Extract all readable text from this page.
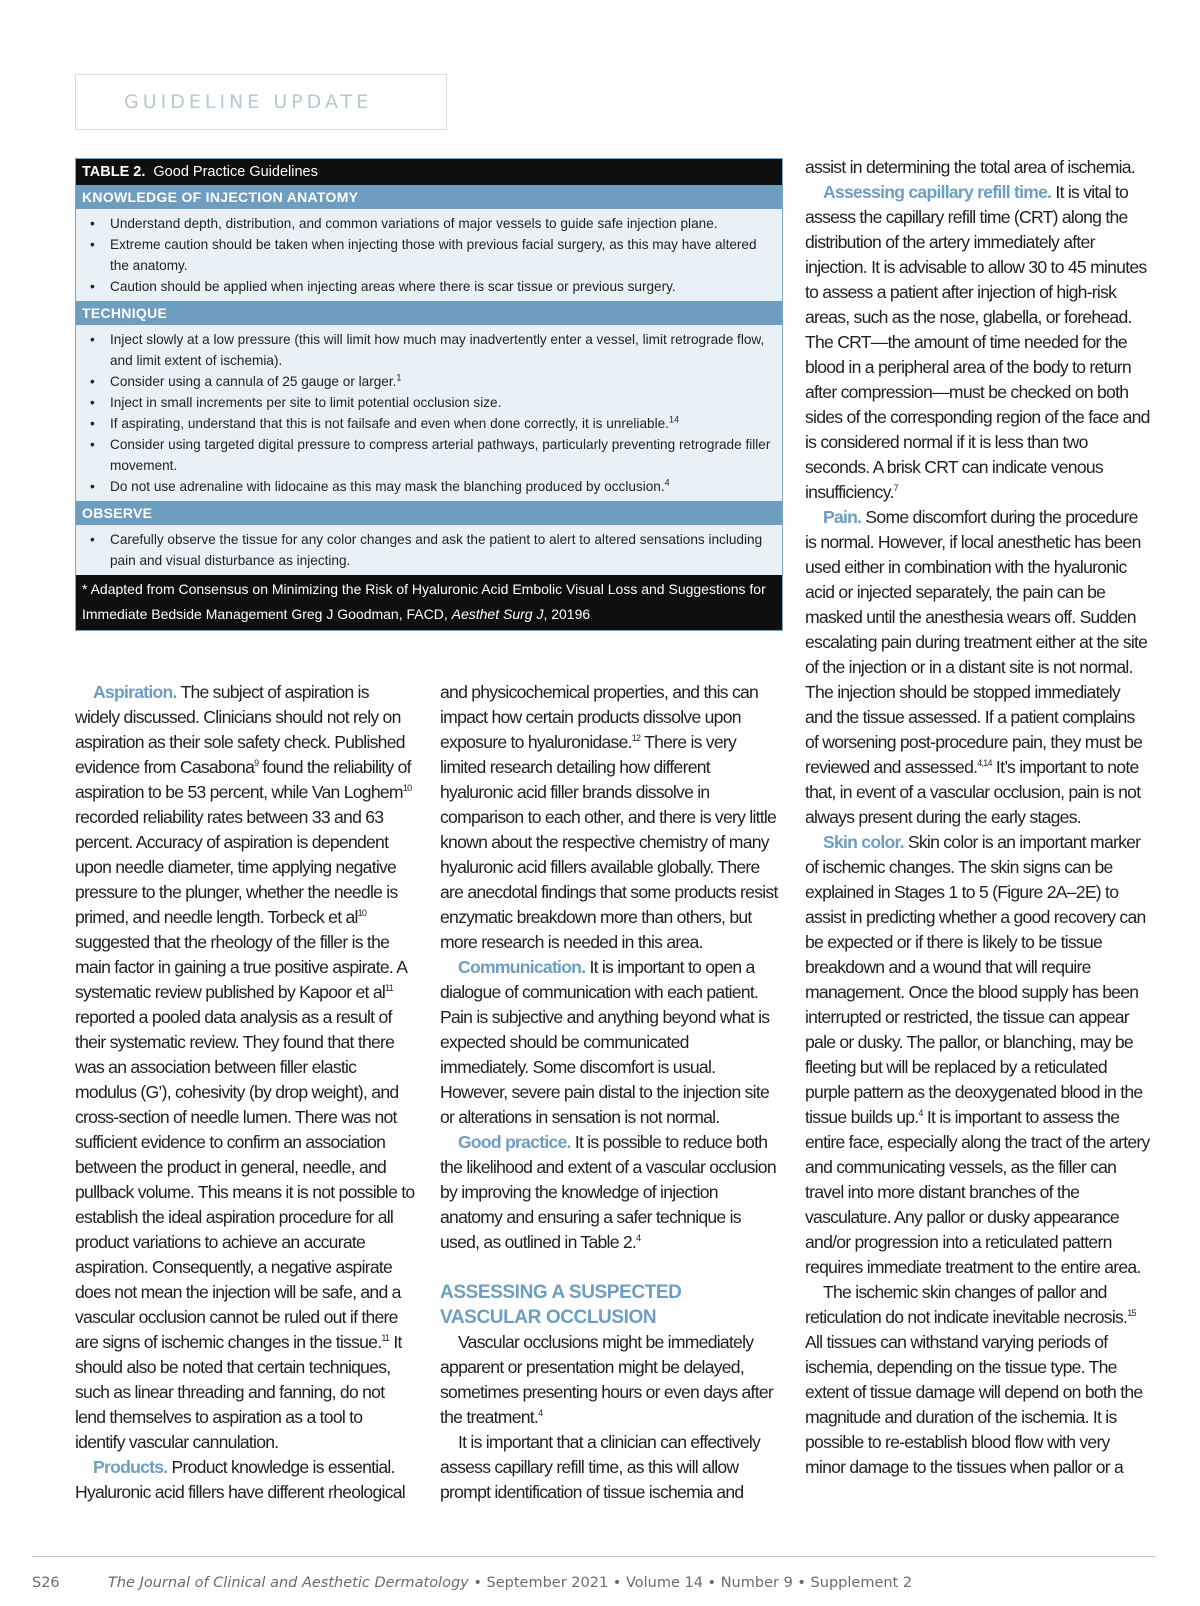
GUIDELINE UPDATE
TABLE 2. Good Practice Guidelines
KNOWLEDGE OF INJECTION ANATOMY
• Understand depth, distribution, and common variations of major vessels to guide safe injection plane.
• Extreme caution should be taken when injecting those with previous facial surgery, as this may have altered the anatomy.
• Caution should be applied when injecting areas where there is scar tissue or previous surgery.
TECHNIQUE
• Inject slowly at a low pressure (this will limit how much may inadvertently enter a vessel, limit retrograde flow, and limit extent of ischemia).
• Consider using a cannula of 25 gauge or larger.$^1$
• Inject in small increments per site to limit potential occlusion size.
• If aspirating, understand that this is not failsafe and even when done correctly, it is unreliable.$^{14}$
• Consider using targeted digital pressure to compress arterial pathways, particularly preventing retrograde filler movement.
• Do not use adrenaline with lidocaine as this may mask the blanching produced by occlusion.$^4$
OBSERVE
• Carefully observe the tissue for any color changes and ask the patient to alert to altered sensations including pain and visual disturbance as injecting.
* Adapted from Consensus on Minimizing the Risk of Hyaluronic Acid Embolic Visual Loss and Suggestions for Immediate Bedside Management Greg J Goodman, FACD, Aesthet Surg J, 20196

Aspiration. The subject of aspiration is widely discussed. Clinicians should not rely on aspiration as their sole safety check. Published evidence from Casabona$^9$ found the reliability of aspiration to be 53 percent, while Van Loghem$^{10}$ recorded reliability rates between 33 and 63 percent. Accuracy of aspiration is dependent upon needle diameter, time applying negative pressure to the plunger, whether the needle is primed, and needle length. Torbeck et $al^{10}$ suggested that the rheology of the filler is the main factor in gaining a true positive aspirate. A systematic review published by Kapoor et $al^{11}$ reported a pooled data analysis as a result of their systematic review. They found that there was an association between filler elastic modulus (G’), cohesivity (by drop weight), and cross-section of needle lumen. There was not sufficient evidence to confirm an association between the product in general, needle, and pullback volume. This means it is not possible to establish the ideal aspiration procedure for all product variations to achieve an accurate aspiration. Consequently, a negative aspirate does not mean the injection will be safe, and a vascular occlusion cannot be ruled out if there are signs of ischemic changes in the tissue.$^{11}$ It should also be noted that certain techniques, such as linear threading and fanning, do not lend themselves to aspiration as a tool to identify vascular cannulation.

Products. Product knowledge is essential. Hyaluronic acid fillers have different rheological

and physicochemical properties, and this can impact how certain products dissolve upon exposure to hyaluronidase.$^{12}$ There is very limited research detailing how different hyaluronic acid filler brands dissolve in comparison to each other, and there is very little known about the respective chemistry of many hyaluronic acid fillers available globally. There are anecdotal findings that some products resist enzymatic breakdown more than others, but more research is needed in this area.

Communication. It is important to open a dialogue of communication with each patient. Pain is subjective and anything beyond what is expected should be communicated immediately. Some discomfort is usual. However, severe pain distal to the injection site or alterations in sensation is not normal.

Good practice. It is possible to reduce both the likelihood and extent of a vascular occlusion by improving the knowledge of injection anatomy and ensuring a safer technique is used, as outlined in Table 2.$^4$

ASSESSING A SUSPECTED VASCULAR OCCLUSION

Vascular occlusions might be immediately apparent or presentation might be delayed, sometimes presenting hours or even days after the treatment.$^4$

It is important that a clinician can effectively assess capillary refill time, as this will allow prompt identification of tissue ischemia and

assist in determining the total area of ischemia.

Assessing capillary refill time. It is vital to assess the capillary refill time (CRT) along the distribution of the artery immediately after injection. It is advisable to allow 30 to 45 minutes to assess a patient after injection of high-risk areas, such as the nose, glabella, or forehead. The CRT—the amount of time needed for the blood in a peripheral area of the body to return after compression—must be checked on both sides of the corresponding region of the face and is considered normal if it is less than two seconds. A brisk CRT can indicate venous insufficiency.$^7$

Pain. Some discomfort during the procedure is normal. However, if local anesthetic has been used either in combination with the hyaluronic acid or injected separately, the pain can be masked until the anesthesia wears off. Sudden escalating pain during treatment either at the site of the injection or in a distant site is not normal. The injection should be stopped immediately and the tissue assessed. If a patient complains of worsening post-procedure pain, they must be reviewed and assessed.$^{4,14}$ It’s important to note that, in event of a vascular occlusion, pain is not always present during the early stages.

Skin color. Skin color is an important marker of ischemic changes. The skin signs can be explained in Stages 1 to 5 (Figure 2A–2E) to assist in predicting whether a good recovery can be expected or if there is likely to be tissue breakdown and a wound that will require management. Once the blood supply has been interrupted or restricted, the tissue can appear pale or dusky. The pallor, or blanching, may be fleeting but will be replaced by a reticulated purple pattern as the deoxygenated blood in the tissue builds up.$^4$ It is important to assess the entire face, especially along the tract of the artery and communicating vessels, as the filler can travel into more distant branches of the vasculature. Any pallor or dusky appearance and/or progression into a reticulated pattern requires immediate treatment to the entire area.

The ischemic skin changes of pallor and reticulation do not indicate inevitable necrosis.$^{15}$ All tissues can withstand varying periods of ischemia, depending on the tissue type. The extent of tissue damage will depend on both the magnitude and duration of the ischemia. It is possible to re-establish blood flow with very minor damage to the tissues when pallor or a

S26	The Journal of Clinical and Aesthetic Dermatology • September 2021 • Volume 14 • Number 9 • Supplement 2
